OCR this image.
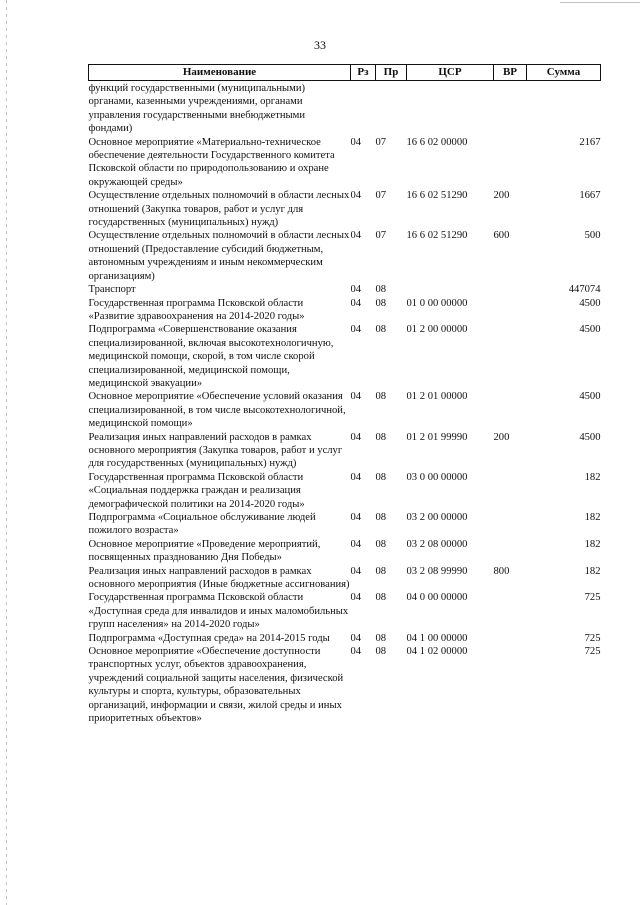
33
Наименование	Рз	Пр	ЦСР	ВР	Сумма
функций государственными (муниципальными) органами, казенными учреждениями, органами управления государственными внебюджетными фондами)					
Основное мероприятие «Материально-техническое обеспечение деятельности Государственного комитета Псковской области по природопользованию и охране окружающей среды»	04	07	16 6 02 00000		2167
Осуществление отдельных полномочий в области лесных отношений (Закупка товаров, работ и услуг для государственных (муниципальных) нужд)	04	07	16 6 02 51290	200	1667
Осуществление отдельных полномочий в области лесных отношений (Предоставление субсидий бюджетным, автономным учреждениям и иным некоммерческим организациям)	04	07	16 6 02 51290	600	500
Транспорт	04	08			447074
Государственная программа Псковской области «Развитие здравоохранения на 2014-2020 годы»	04	08	01 0 00 00000		4500
Подпрограмма «Совершенствование оказания специализированной, включая высокотехнологичную, медицинской помощи, скорой, в том числе скорой специализированной, медицинской помощи, медицинской эвакуации»	04	08	01 2 00 00000		4500
Основное мероприятие «Обеспечение условий оказания специализированной, в том числе высокотехнологичной, медицинской помощи»	04	08	01 2 01 00000		4500
Реализация иных направлений расходов в рамках основного мероприятия (Закупка товаров, работ и услуг для государственных (муниципальных) нужд)	04	08	01 2 01 99990	200	4500
Государственная программа Псковской области «Социальная поддержка граждан и реализация демографической политики на 2014-2020 годы»	04	08	03 0 00 00000		182
Подпрограмма «Социальное обслуживание людей пожилого возраста»	04	08	03 2 00 00000		182
Основное мероприятие «Проведение мероприятий, посвященных празднованию Дня Победы»	04	08	03 2 08 00000		182
Реализация иных направлений расходов в рамках основного мероприятия (Иные бюджетные ассигнования)	04	08	03 2 08 99990	800	182
Государственная программа Псковской области «Доступная среда для инвалидов и иных маломобильных групп населения» на 2014-2020 годы»	04	08	04 0 00 00000		725
Подпрограмма «Доступная среда» на 2014-2015 годы	04	08	04 1 00 00000		725
Основное мероприятие «Обеспечение доступности транспортных услуг, объектов здравоохранения, учреждений социальной защиты населения, физической культуры и спорта, культуры, образовательных организаций, информации и связи, жилой среды и иных приоритетных объектов»	04	08	04 1 02 00000		725
